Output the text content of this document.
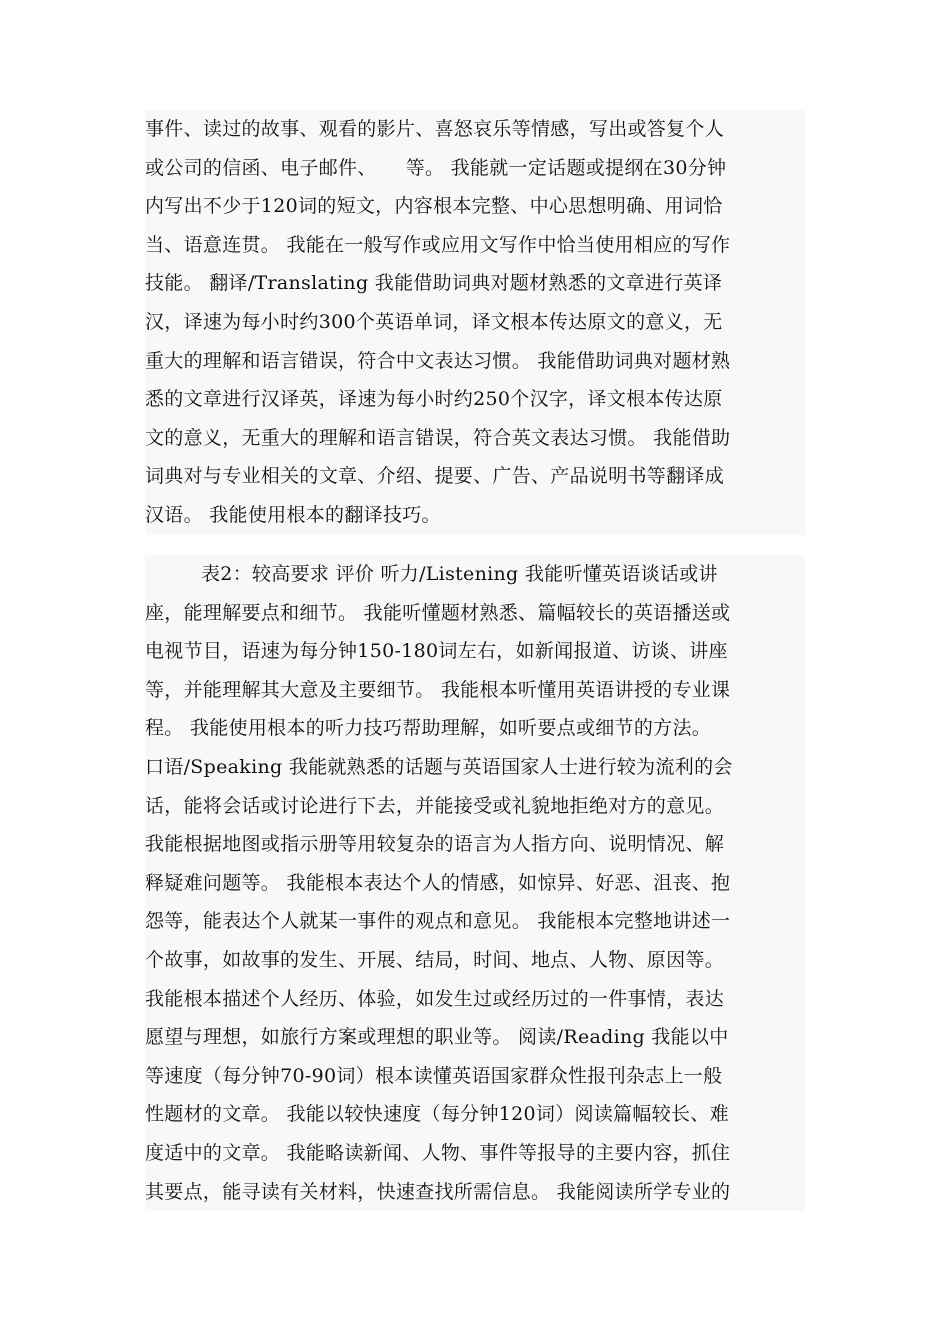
事件、读过的故事、观看的影片、喜怒哀乐等情感，写出或答复个人
或公司的信函、电子邮件、　　等。 我能就一定话题或提纲在30分钟
内写出不少于120词的短文，内容根本完整、中心思想明确、用词恰
当、语意连贯。 我能在一般写作或应用文写作中恰当使用相应的写作
技能。 翻译/Translating 我能借助词典对题材熟悉的文章进行英译
汉，译速为每小时约300个英语单词，译文根本传达原文的意义，无
重大的理解和语言错误，符合中文表达习惯。 我能借助词典对题材熟
悉的文章进行汉译英，译速为每小时约250个汉字，译文根本传达原
文的意义，无重大的理解和语言错误，符合英文表达习惯。 我能借助
词典对与专业相关的文章、介绍、提要、广告、产品说明书等翻译成
汉语。 我能使用根本的翻译技巧。
表2：较高要求 评价 听力/Listening 我能听懂英语谈话或讲
座，能理解要点和细节。 我能听懂题材熟悉、篇幅较长的英语播送或
电视节目，语速为每分钟150-180词左右，如新闻报道、访谈、讲座
等，并能理解其大意及主要细节。 我能根本听懂用英语讲授的专业课
程。 我能使用根本的听力技巧帮助理解，如听要点或细节的方法。
口语/Speaking 我能就熟悉的话题与英语国家人士进行较为流利的会
话，能将会话或讨论进行下去，并能接受或礼貌地拒绝对方的意见。
我能根据地图或指示册等用较复杂的语言为人指方向、说明情况、解
释疑难问题等。 我能根本表达个人的情感，如惊异、好恶、沮丧、抱
怨等，能表达个人就某一事件的观点和意见。 我能根本完整地讲述一
个故事，如故事的发生、开展、结局，时间、地点、人物、原因等。
我能根本描述个人经历、体验，如发生过或经历过的一件事情，表达
愿望与理想，如旅行方案或理想的职业等。 阅读/Reading 我能以中
等速度（每分钟70-90词）根本读懂英语国家群众性报刊杂志上一般
性题材的文章。 我能以较快速度（每分钟120词）阅读篇幅较长、难
度适中的文章。 我能略读新闻、人物、事件等报导的主要内容，抓住
其要点，能寻读有关材料，快速查找所需信息。 我能阅读所学专业的
